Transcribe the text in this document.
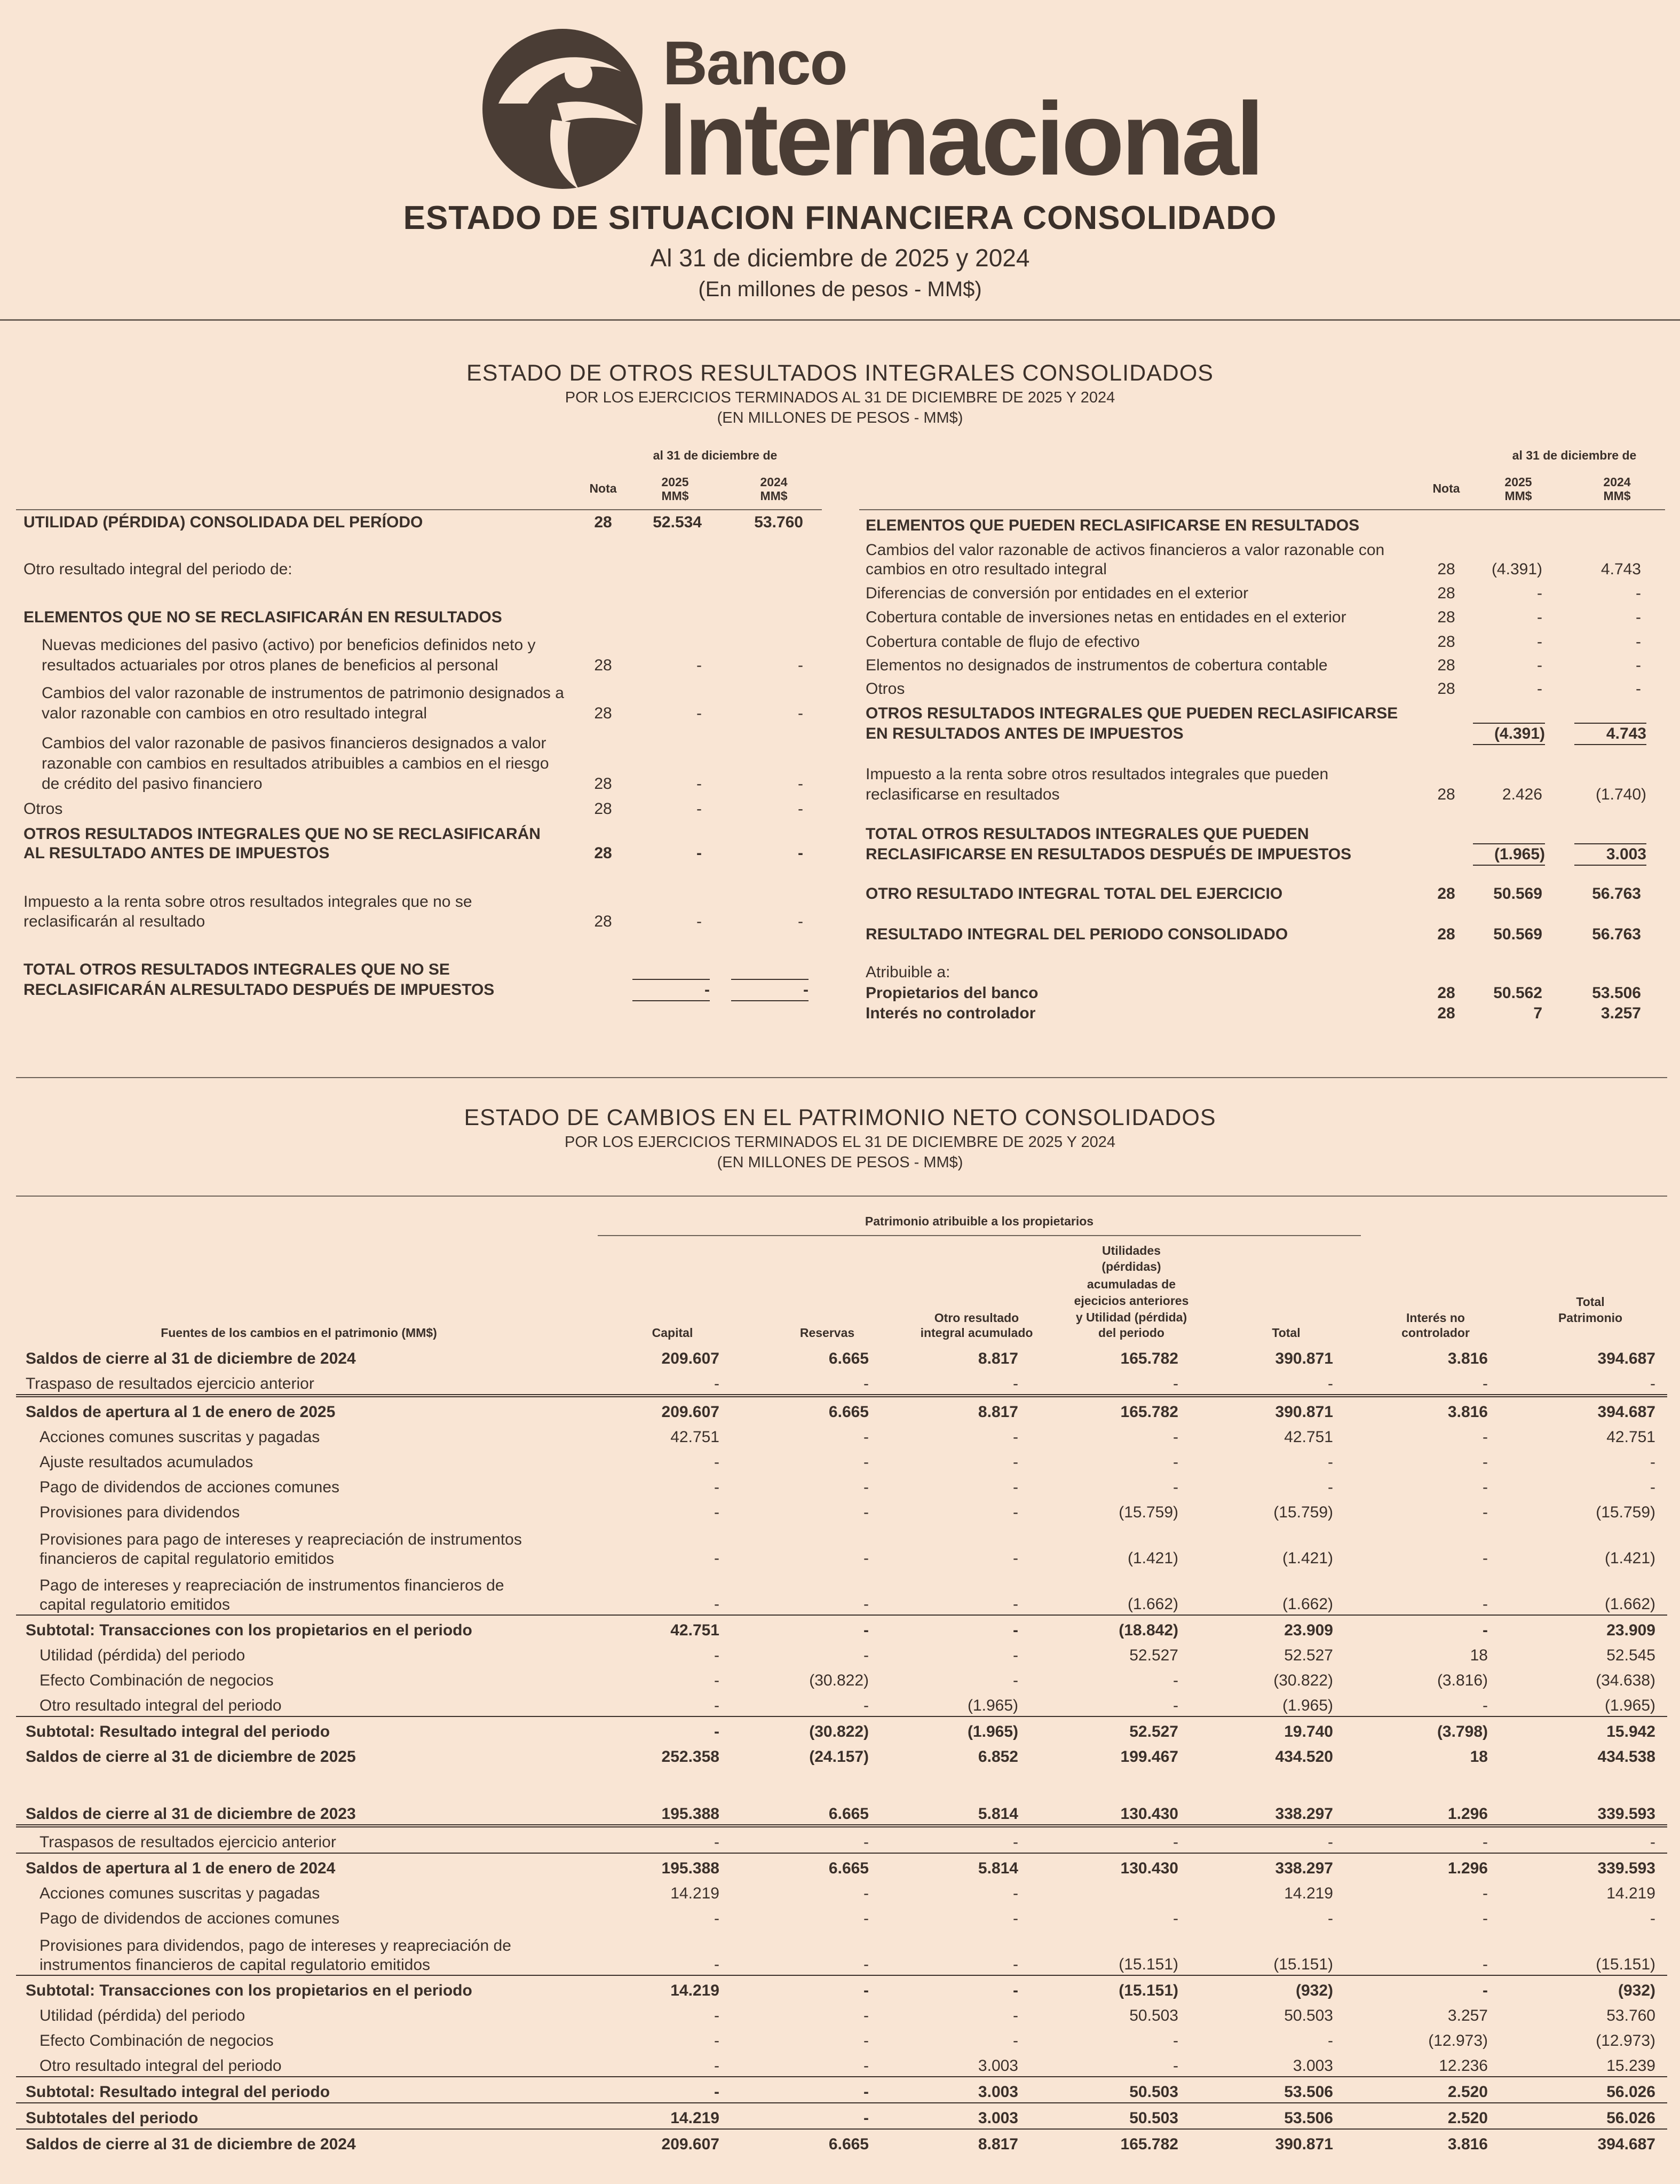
Banco
Internacional
ESTADO DE SITUACION FINANCIERA CONSOLIDADO
Al 31 de diciembre de 2025 y 2024
(En millones de pesos - MM$)
ESTADO DE OTROS RESULTADOS INTEGRALES CONSOLIDADOS
POR LOS EJERCICIOS TERMINADOS AL 31 DE DICIEMBRE DE 2025 Y 2024
(EN MILLONES DE PESOS - MM$)
al 31 de diciembre de
Nota	2025
MM$
2024
MM$
UTILIDAD (PÉRDIDA) CONSOLIDADA DEL PERÍODO	28	52.534	53.760
Otro resultado integral del periodo de:
ELEMENTOS QUE NO SE RECLASIFICARÁN EN RESULTADOS
Nuevas mediciones del pasivo (activo) por beneficios definidos neto y
resultados actuariales por otros planes de beneficios al personal	28	-	-
Cambios del valor razonable de instrumentos de patrimonio designados a
valor razonable con cambios en otro resultado integral	28	-	-
Cambios del valor razonable de pasivos financieros designados a valor
razonable con cambios en resultados atribuibles a cambios en el riesgo
de crédito del pasivo financiero	28	-	-
Otros	28	-	-
OTROS RESULTADOS INTEGRALES QUE NO SE RECLASIFICARÁN
AL RESULTADO ANTES DE IMPUESTOS	28	-	-
Impuesto a la renta sobre otros resultados integrales que no se
reclasificarán al resultado	28	-	-
TOTAL OTROS RESULTADOS INTEGRALES QUE NO SE
RECLASIFICARÁN ALRESULTADO DESPUÉS DE IMPUESTOS	-	-
al 31 de diciembre de
Nota	2025
MM$
2024
MM$
ELEMENTOS QUE PUEDEN RECLASIFICARSE EN RESULTADOS
Cambios del valor razonable de activos financieros a valor razonable con
cambios en otro resultado integral	28	(4.391)	4.743
Diferencias de conversión por entidades en el exterior	28	-	-
Cobertura contable de inversiones netas en entidades en el exterior	28	-	-
Cobertura contable de flujo de efectivo	28	-	-
Elementos no designados de instrumentos de cobertura contable	28	-	-
Otros	28	-	-
OTROS RESULTADOS INTEGRALES QUE PUEDEN RECLASIFICARSE
EN RESULTADOS ANTES DE IMPUESTOS	(4.391)	4.743
Impuesto a la renta sobre otros resultados integrales que pueden
reclasificarse en resultados	28	2.426	(1.740)
TOTAL OTROS RESULTADOS INTEGRALES QUE PUEDEN
RECLASIFICARSE EN RESULTADOS DESPUÉS DE IMPUESTOS	(1.965)	3.003
OTRO RESULTADO INTEGRAL TOTAL DEL EJERCICIO	28	50.569	56.763
RESULTADO INTEGRAL DEL PERIODO CONSOLIDADO	28	50.569	56.763
Atribuible a:
Propietarios del banco	28	50.562	53.506
Interés no controlador	28	7	3.257
ESTADO DE CAMBIOS EN EL PATRIMONIO NETO CONSOLIDADOS
POR LOS EJERCICIOS TERMINADOS EL 31 DE DICIEMBRE DE 2025 Y 2024
(EN MILLONES DE PESOS - MM$)
Patrimonio atribuible a los propietarios
Fuentes de los cambios en el patrimonio (MM$)	Capital	Reservas
Otro resultado
integral acumulado
Utilidades
(pérdidas)
acumuladas de
ejecicios anteriores
y Utilidad (pérdida)
del periodo	Total
Interés no
controlador
Total
Patrimonio
Saldos de cierre al 31 de diciembre de 2024	209.607	6.665	8.817	165.782	390.871	3.816	394.687
Traspaso de resultados ejercicio anterior	-	-	-	-	-	-	-
Saldos de apertura al 1 de enero de 2025	209.607	6.665	8.817	165.782	390.871	3.816	394.687
Acciones comunes suscritas y pagadas	42.751	-	-	-	42.751	-	42.751
Ajuste resultados acumulados	-	-	-	-	-	-	-
Pago de dividendos de acciones comunes	-	-	-	-	-	-	-
Provisiones para dividendos	-	-	-	(15.759)	(15.759)	-	(15.759)
Provisiones para pago de intereses y reapreciación de instrumentos financieros de capital regulatorio emitidos	-	-	-	(1.421)	(1.421)	-	(1.421)
Pago de intereses y reapreciación de instrumentos financieros de capital regulatorio emitidos	-	-	-	(1.662)	(1.662)	-	(1.662)
Subtotal: Transacciones con los propietarios en el periodo	42.751	-	-	(18.842)	23.909	-	23.909
Utilidad (pérdida) del periodo	-	-	-	52.527	52.527	18	52.545
Efecto Combinación de negocios	-	(30.822)	-	-	(30.822)	(3.816)	(34.638)
Otro resultado integral del periodo	-	-	(1.965)	-	(1.965)	-	(1.965)
Subtotal: Resultado integral del periodo	-	(30.822)	(1.965)	52.527	19.740	(3.798)	15.942
Saldos de cierre al 31 de diciembre de 2025	252.358	(24.157)	6.852	199.467	434.520	18	434.538

Saldos de cierre al 31 de diciembre de 2023	195.388	6.665	5.814	130.430	338.297	1.296	339.593
Traspasos de resultados ejercicio anterior	-	-	-	-	-	-	-
Saldos de apertura al 1 de enero de 2024	195.388	6.665	5.814	130.430	338.297	1.296	339.593
Acciones comunes suscritas y pagadas	14.219	-	-		14.219	-	14.219
Pago de dividendos de acciones comunes	-	-	-	-	-	-	-
Provisiones para dividendos, pago de intereses y reapreciación de instrumentos financieros de capital regulatorio emitidos	-	-	-	(15.151)	(15.151)	-	(15.151)
Subtotal: Transacciones con los propietarios en el periodo	14.219	-	-	(15.151)	(932)	-	(932)
Utilidad (pérdida) del periodo	-	-	-	50.503	50.503	3.257	53.760
Efecto Combinación de negocios	-	-	-	-	-	(12.973)	(12.973)
Otro resultado integral del periodo	-	-	3.003	-	3.003	12.236	15.239
Subtotal: Resultado integral del periodo	-	-	3.003	50.503	53.506	2.520	56.026
Subtotales del periodo	14.219	-	3.003	50.503	53.506	2.520	56.026
Saldos de cierre al 31 de diciembre de 2024	209.607	6.665	8.817	165.782	390.871	3.816	394.687
